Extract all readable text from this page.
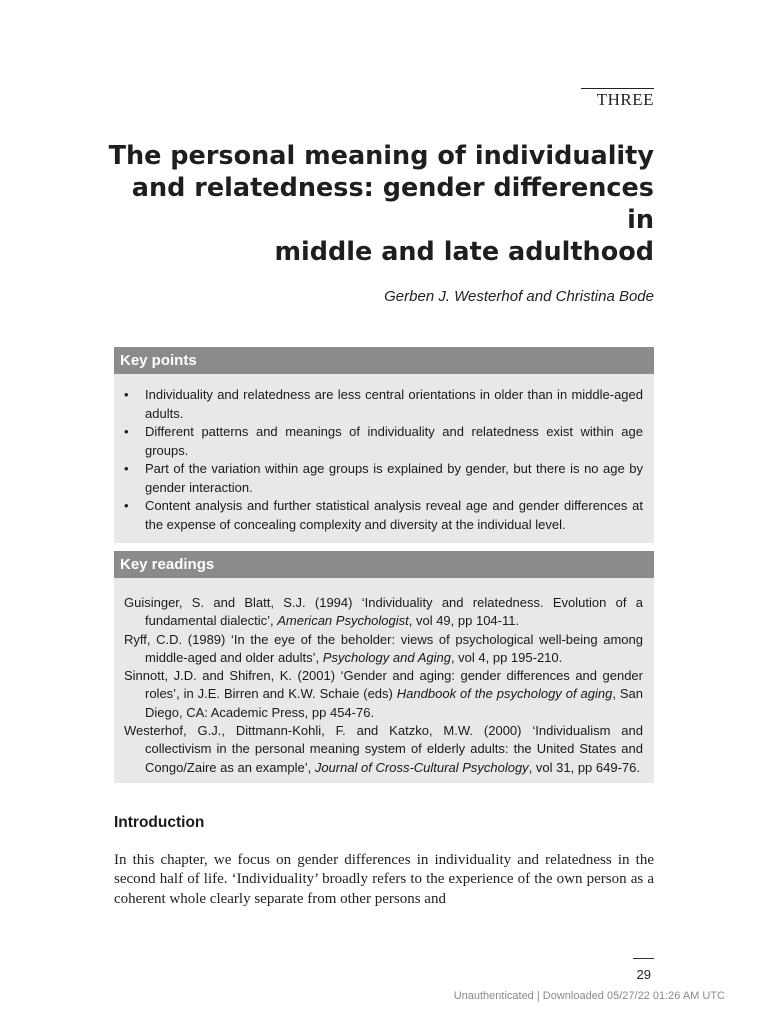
THREE
The personal meaning of individuality
and relatedness: gender differences in
middle and late adulthood
Gerben J. Westerhof and Christina Bode
Key points
• Individuality and relatedness are less central orientations in older than in middle-aged adults.
• Different patterns and meanings of individuality and relatedness exist within age groups.
• Part of the variation within age groups is explained by gender, but there is no age by gender interaction.
• Content analysis and further statistical analysis reveal age and gender differences at the expense of concealing complexity and diversity at the individual level.
Key readings
Guisinger, S. and Blatt, S.J. (1994) ‘Individuality and relatedness. Evolution of a fundamental dialectic’, American Psychologist, vol 49, pp 104-11.
Ryff, C.D. (1989) ‘In the eye of the beholder: views of psychological well-being among middle-aged and older adults’, Psychology and Aging, vol 4, pp 195-210.
Sinnott, J.D. and Shifren, K. (2001) ‘Gender and aging: gender differences and gender roles’, in J.E. Birren and K.W. Schaie (eds) Handbook of the psychology of aging, San Diego, CA: Academic Press, pp 454-76.
Westerhof, G.J., Dittmann-Kohli, F. and Katzko, M.W. (2000) ‘Individualism and collectivism in the personal meaning system of elderly adults: the United States and Congo/Zaire as an example’, Journal of Cross-Cultural Psychology, vol 31, pp 649-76.
Introduction

In this chapter, we focus on gender differences in individuality and relatedness in the second half of life. ‘Individuality’ broadly refers to the experience of the own person as a coherent whole clearly separate from other persons and

29
Unauthenticated | Downloaded 05/27/22 01:26 AM UTC
